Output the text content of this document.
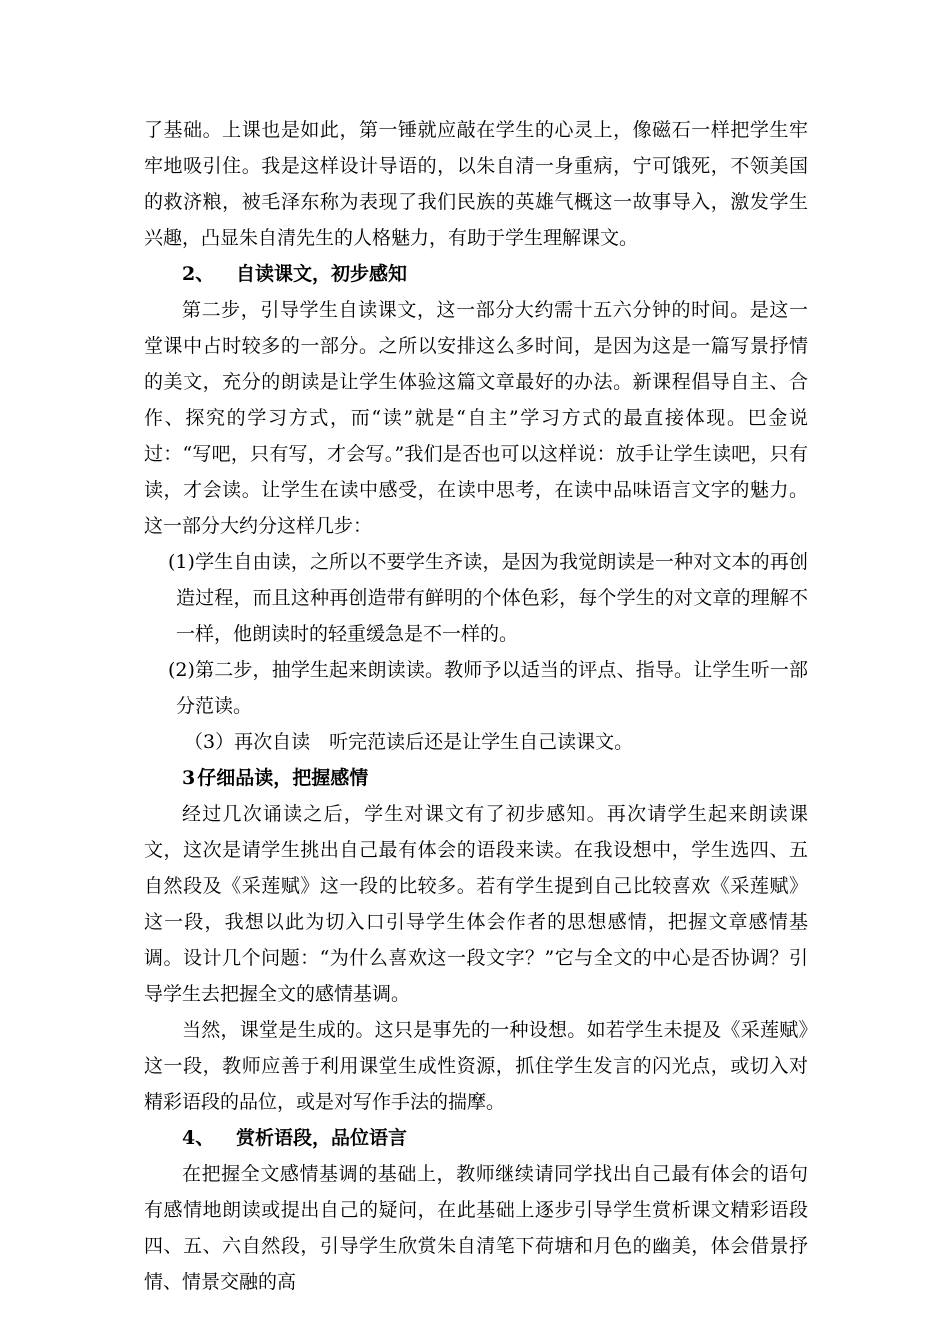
了基础。上课也是如此，第一锤就应敲在学生的心灵上，像磁石一样把学生牢牢地吸引住。我是这样设计导语的，以朱自清一身重病，宁可饿死，不领美国的救济粮，被毛泽东称为表现了我们民族的英雄气概这一故事导入，激发学生兴趣，凸显朱自清先生的人格魅力，有助于学生理解课文。

2、 自读课文，初步感知

第二步，引导学生自读课文，这一部分大约需十五六分钟的时间。是这一堂课中占时较多的一部分。之所以安排这么多时间，是因为这是一篇写景抒情的美文，充分的朗读是让学生体验这篇文章最好的办法。新课程倡导自主、合作、探究的学习方式，而“读”就是“自主”学习方式的最直接体现。巴金说过：“写吧，只有写，才会写。”我们是否也可以这样说：放手让学生读吧，只有读，才会读。让学生在读中感受，在读中思考，在读中品味语言文字的魅力。这一部分大约分这样几步：

(1)学生自由读，之所以不要学生齐读，是因为我觉朗读是一种对文本的再创造过程，而且这种再创造带有鲜明的个体色彩，每个学生的对文章的理解不一样，他朗读时的轻重缓急是不一样的。

(2)第二步，抽学生起来朗读读。教师予以适当的评点、指导。让学生听一部分范读。

（3）再次自读　听完范读后还是让学生自己读课文。

3 仔细品读，把握感情

经过几次诵读之后，学生对课文有了初步感知。再次请学生起来朗读课文，这次是请学生挑出自己最有体会的语段来读。在我设想中，学生选四、五自然段及《采莲赋》这一段的比较多。若有学生提到自己比较喜欢《采莲赋》这一段，我想以此为切入口引导学生体会作者的思想感情，把握文章感情基调。设计几个问题：“为什么喜欢这一段文字？”它与全文的中心是否协调？引导学生去把握全文的感情基调。

当然，课堂是生成的。这只是事先的一种设想。如若学生未提及《采莲赋》这一段，教师应善于利用课堂生成性资源，抓住学生发言的闪光点，或切入对精彩语段的品位，或是对写作手法的揣摩。

4、 赏析语段，品位语言

在把握全文感情基调的基础上，教师继续请同学找出自己最有体会的语句有感情地朗读或提出自己的疑问，在此基础上逐步引导学生赏析课文精彩语段四、五、六自然段，引导学生欣赏朱自清笔下荷塘和月色的幽美，体会借景抒情、情景交融的高
